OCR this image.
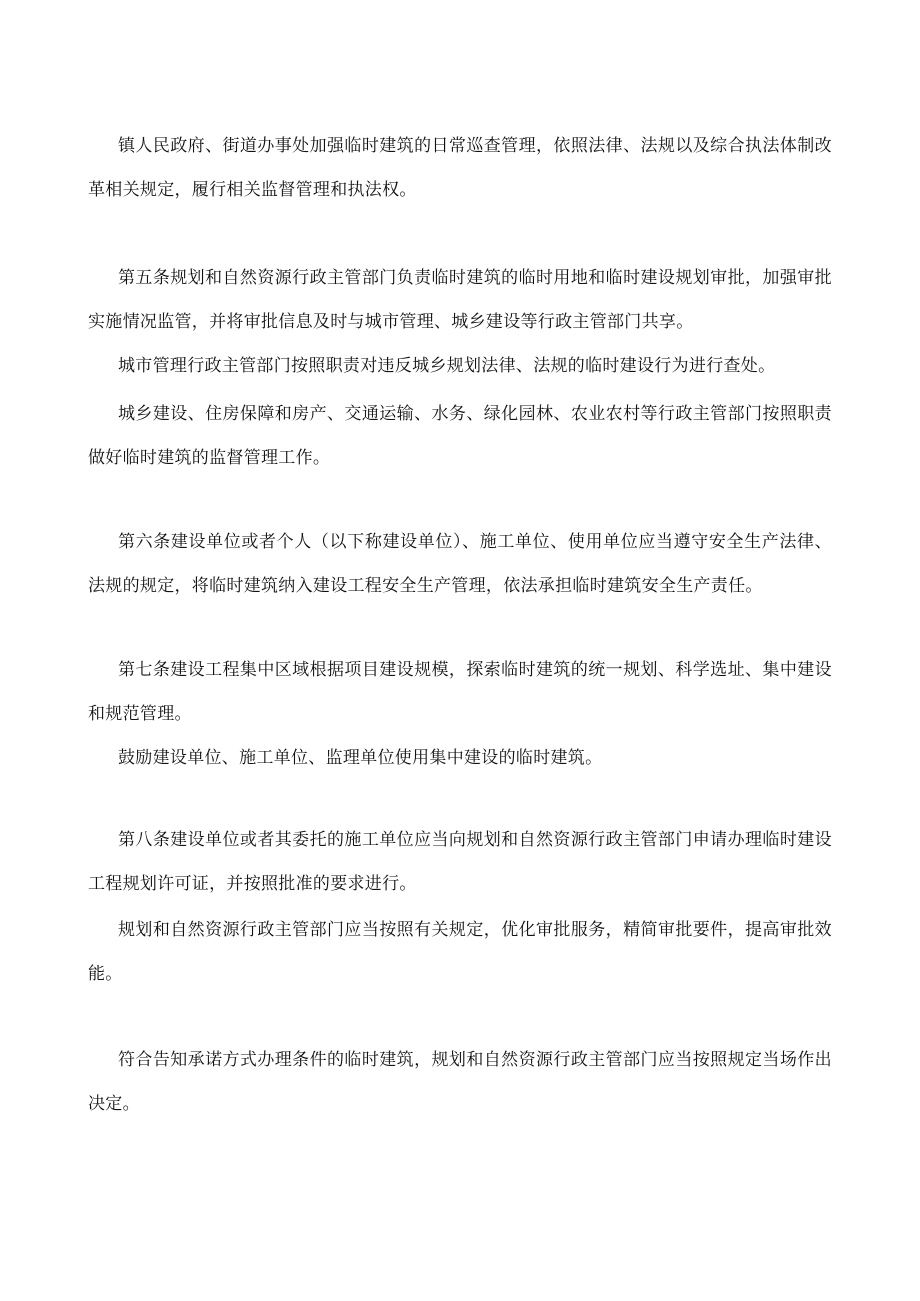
镇人民政府、街道办事处加强临时建筑的日常巡查管理，依照法律、法规以及综合执法体制改革相关规定，履行相关监督管理和执法权。

第五条规划和自然资源行政主管部门负责临时建筑的临时用地和临时建设规划审批，加强审批实施情况监管，并将审批信息及时与城市管理、城乡建设等行政主管部门共享。

城市管理行政主管部门按照职责对违反城乡规划法律、法规的临时建设行为进行查处。

城乡建设、住房保障和房产、交通运输、水务、绿化园林、农业农村等行政主管部门按照职责做好临时建筑的监督管理工作。

第六条建设单位或者个人（以下称建设单位）、施工单位、使用单位应当遵守安全生产法律、法规的规定，将临时建筑纳入建设工程安全生产管理，依法承担临时建筑安全生产责任。

第七条建设工程集中区域根据项目建设规模，探索临时建筑的统一规划、科学选址、集中建设和规范管理。

鼓励建设单位、施工单位、监理单位使用集中建设的临时建筑。

第八条建设单位或者其委托的施工单位应当向规划和自然资源行政主管部门申请办理临时建设工程规划许可证，并按照批准的要求进行。

规划和自然资源行政主管部门应当按照有关规定，优化审批服务，精简审批要件，提高审批效能。

符合告知承诺方式办理条件的临时建筑，规划和自然资源行政主管部门应当按照规定当场作出决定。
